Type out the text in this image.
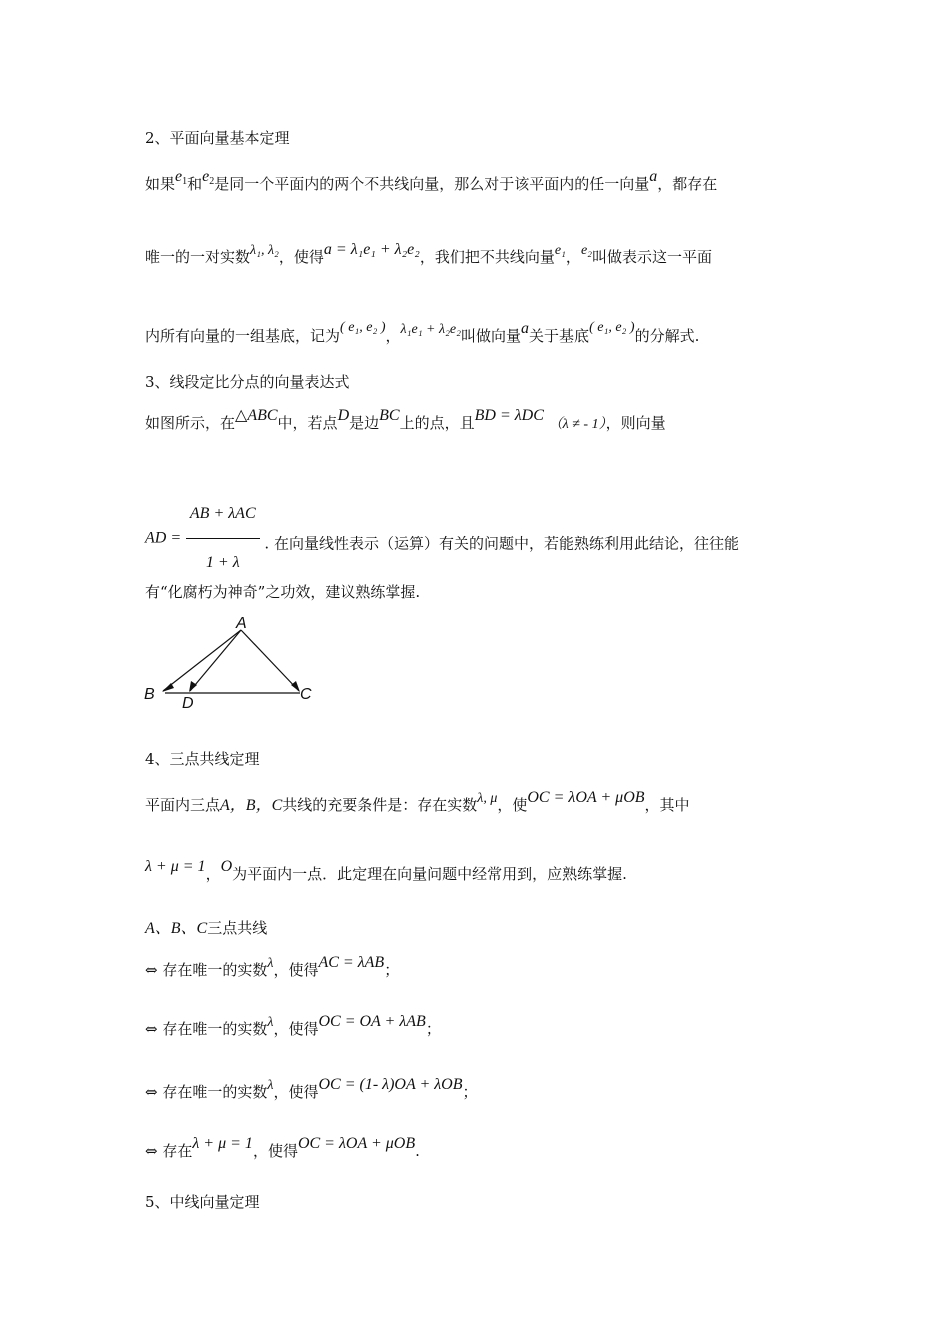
2、平面向量基本定理
如果$e_1$和$e_2$是同一个平面内的两个不共线向量，那么对于该平面内的任一向量a，都存在
唯一的一对实数λ₁, λ₂，使得a = λ₁e₁ + λ₂e₂，我们把不共线向量e₁，e₂叫做表示这一平面
内所有向量的一组基底，记为( e₁, e₂ )，λ₁e₁ + λ₂e₂叫做向量a关于基底( e₁, e₂ )的分解式.
3、线段定比分点的向量表达式
如图所示，在△ABC中，若点D是边BC上的点，且BD = λDC （λ ≠ - 1），则向量
AD = $\frac{\text{AB + λAC}}{1 + \lambda}$ . 在向量线性表示（运算）有关的问题中，若能熟练利用此结论，往往能
有“化腐朽为神奇”之功效，建议熟练掌握.
A
B
D
C
4、三点共线定理
平面内三点A，B，C共线的充要条件是：存在实数λ, μ，使OC = λOA + μOB，其中
λ + μ = 1，O为平面内一点．此定理在向量问题中经常用到，应熟练掌握.
A、B、C三点共线
⇔ 存在唯一的实数λ，使得AC = λAB；
⇔ 存在唯一的实数λ，使得OC = OA + λAB；
⇔ 存在唯一的实数λ，使得OC = (1- λ)OA + λOB；
⇔ 存在λ + μ = 1，使得OC = λOA + μOB.
5、中线向量定理
